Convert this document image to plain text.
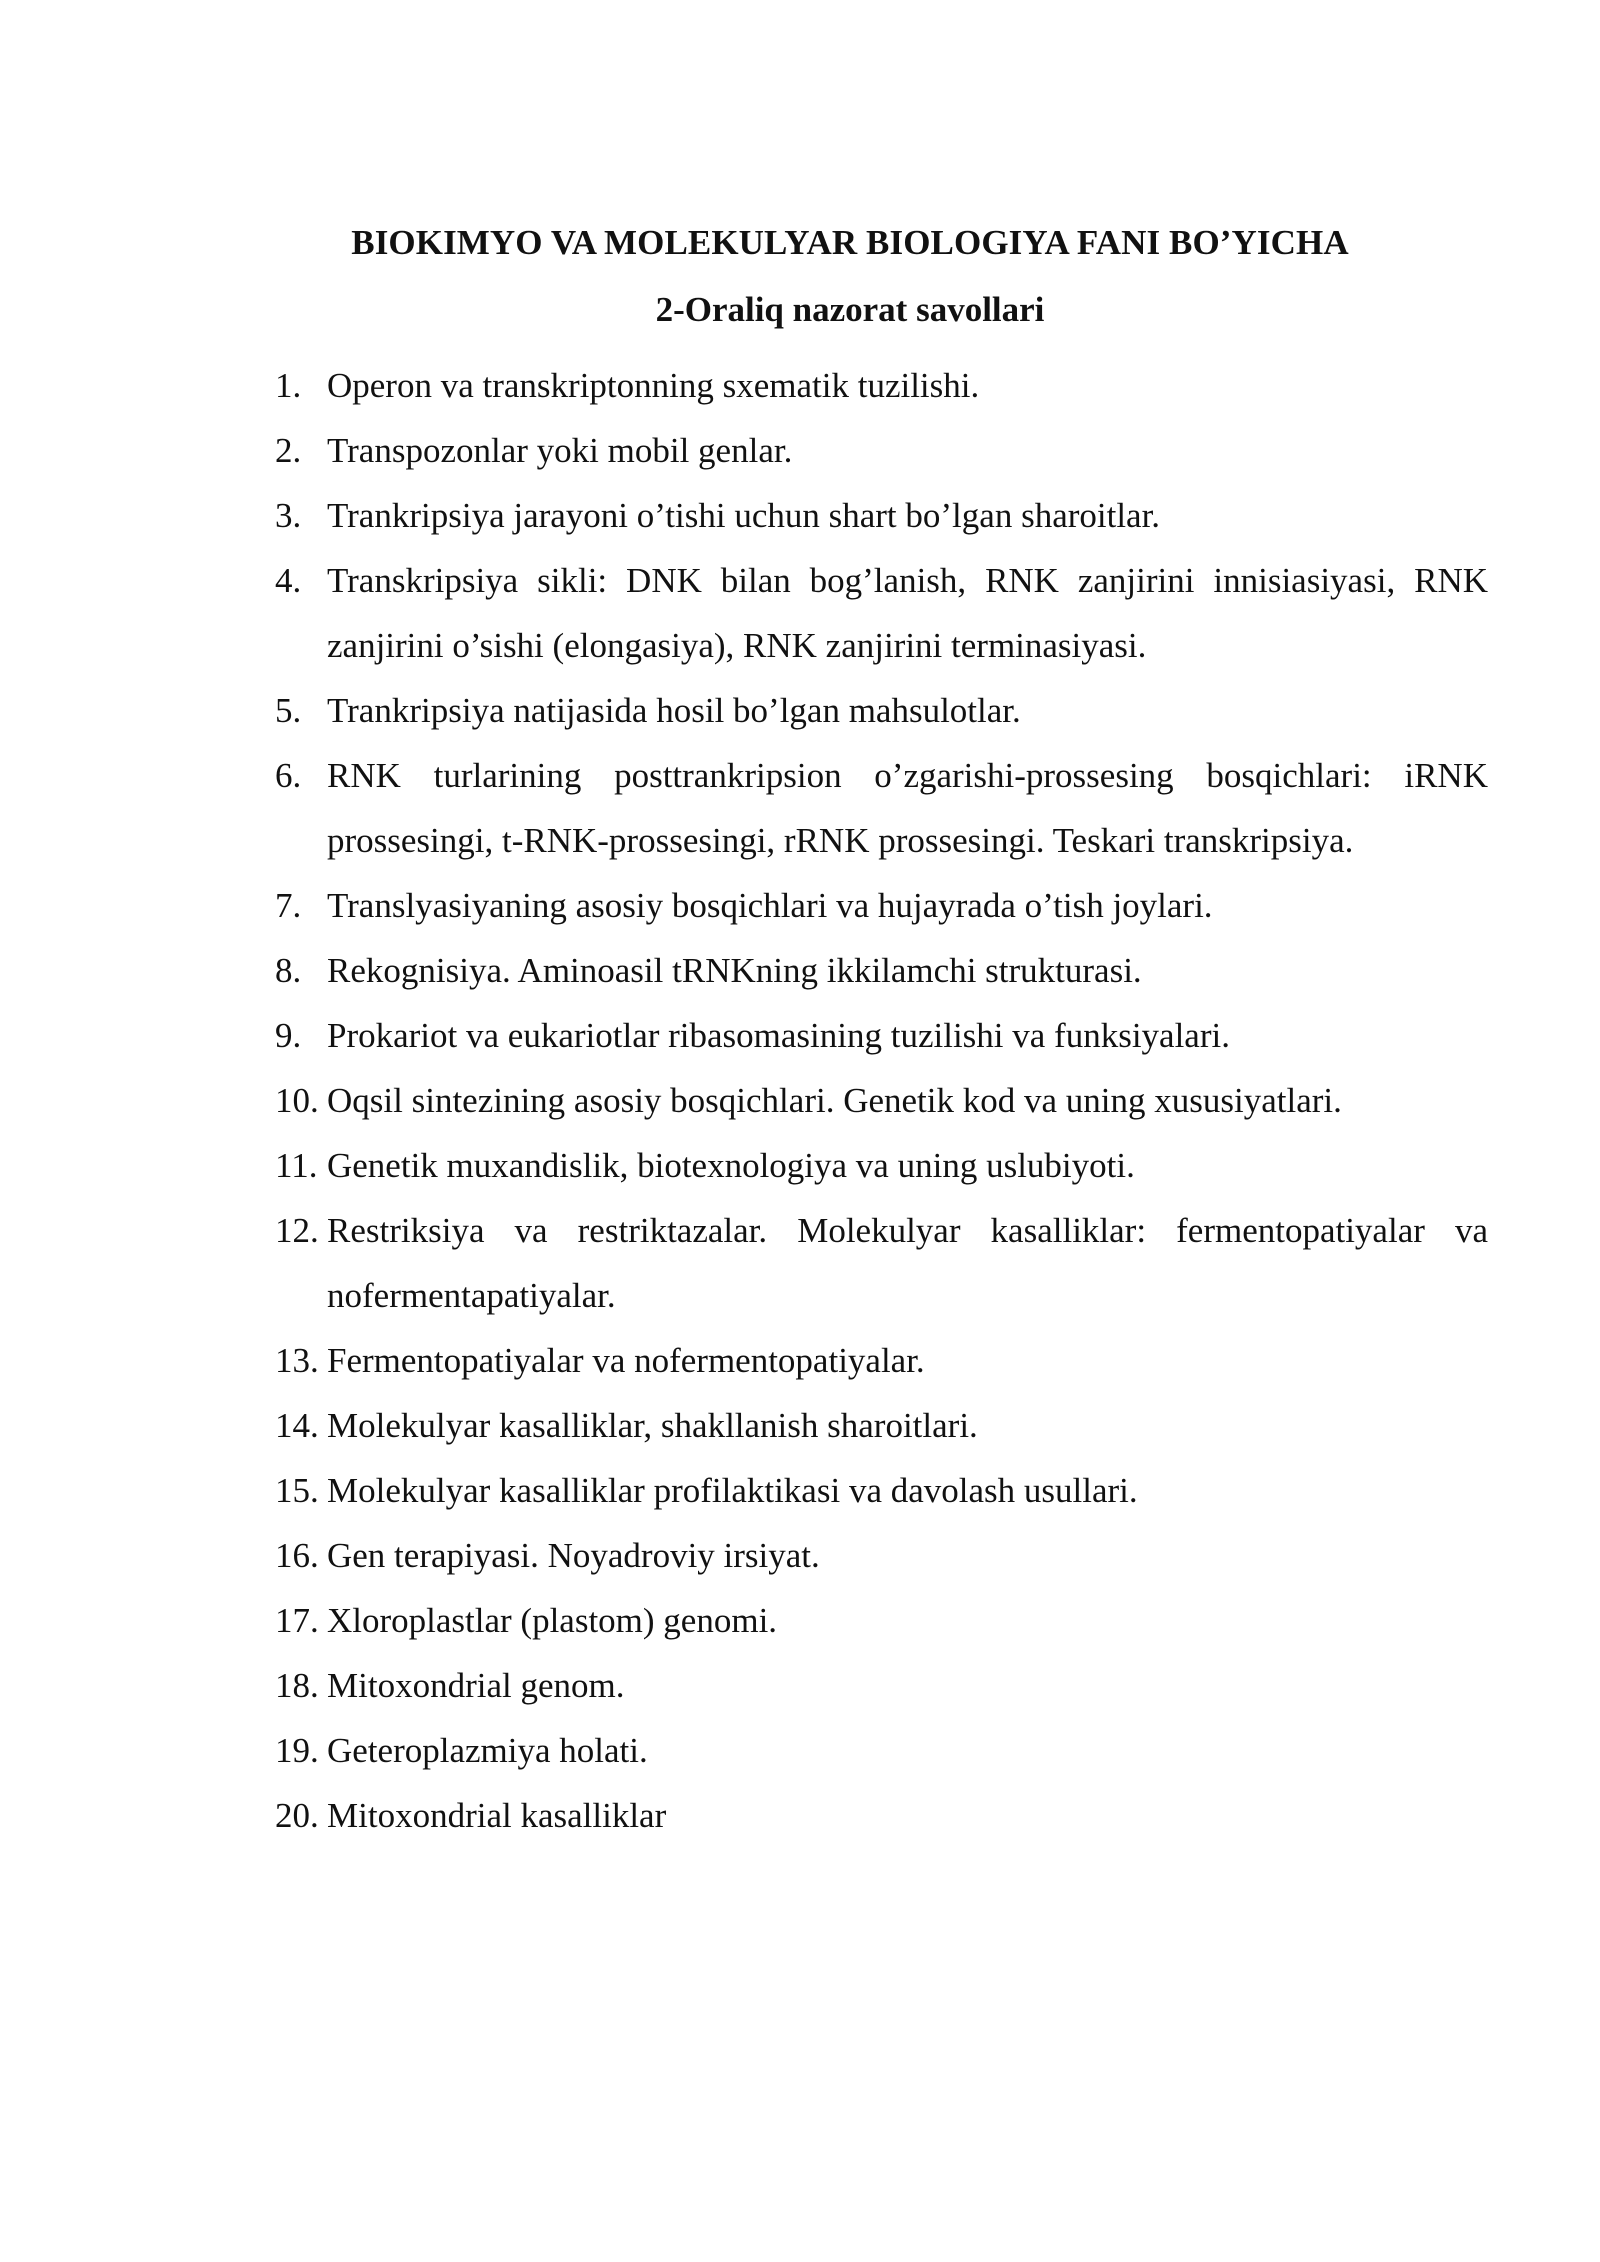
BIOKIMYO VA MOLEKULYAR BIOLOGIYA FANI BO’YICHA
2-Oraliq nazorat savollari
1. Operon va transkriptonning sxematik tuzilishi.
2. Transpozonlar yoki mobil genlar.
3. Trankripsiya jarayoni o’tishi uchun shart bo’lgan sharoitlar.
4. Transkripsiya sikli: DNK bilan bog’lanish, RNK zanjirini innisiasiyasi, RNK zanjirini o’sishi (elongasiya), RNK zanjirini terminasiyasi.
5. Trankripsiya natijasida hosil bo’lgan mahsulotlar.
6. RNK turlarining posttrankripsion o’zgarishi-prossesing bosqichlari: iRNK prossesingi, t-RNK-prossesingi, rRNK prossesingi. Teskari transkripsiya.
7. Translyasiyaning asosiy bosqichlari va hujayrada o’tish joylari.
8. Rekognisiya. Aminoasil tRNKning ikkilamchi strukturasi.
9. Prokariot va eukariotlar ribasomasining tuzilishi va funksiyalari.
10. Oqsil sintezining asosiy bosqichlari. Genetik kod va uning xususiyatlari.
11. Genetik muxandislik, biotexnologiya va uning uslubiyoti.
12. Restriksiya va restriktazalar. Molekulyar kasalliklar: fermentopatiyalar va nofermentapatiyalar.
13. Fermentopatiyalar va nofermentopatiyalar.
14. Molekulyar kasalliklar, shakllanish sharoitlari.
15. Molekulyar kasalliklar profilaktikasi va davolash usullari.
16. Gen terapiyasi. Noyadroviy irsiyat.
17. Xloroplastlar (plastom) genomi.
18. Mitoxondrial genom.
19. Geteroplazmiya holati.
20. Mitoxondrial kasalliklar
